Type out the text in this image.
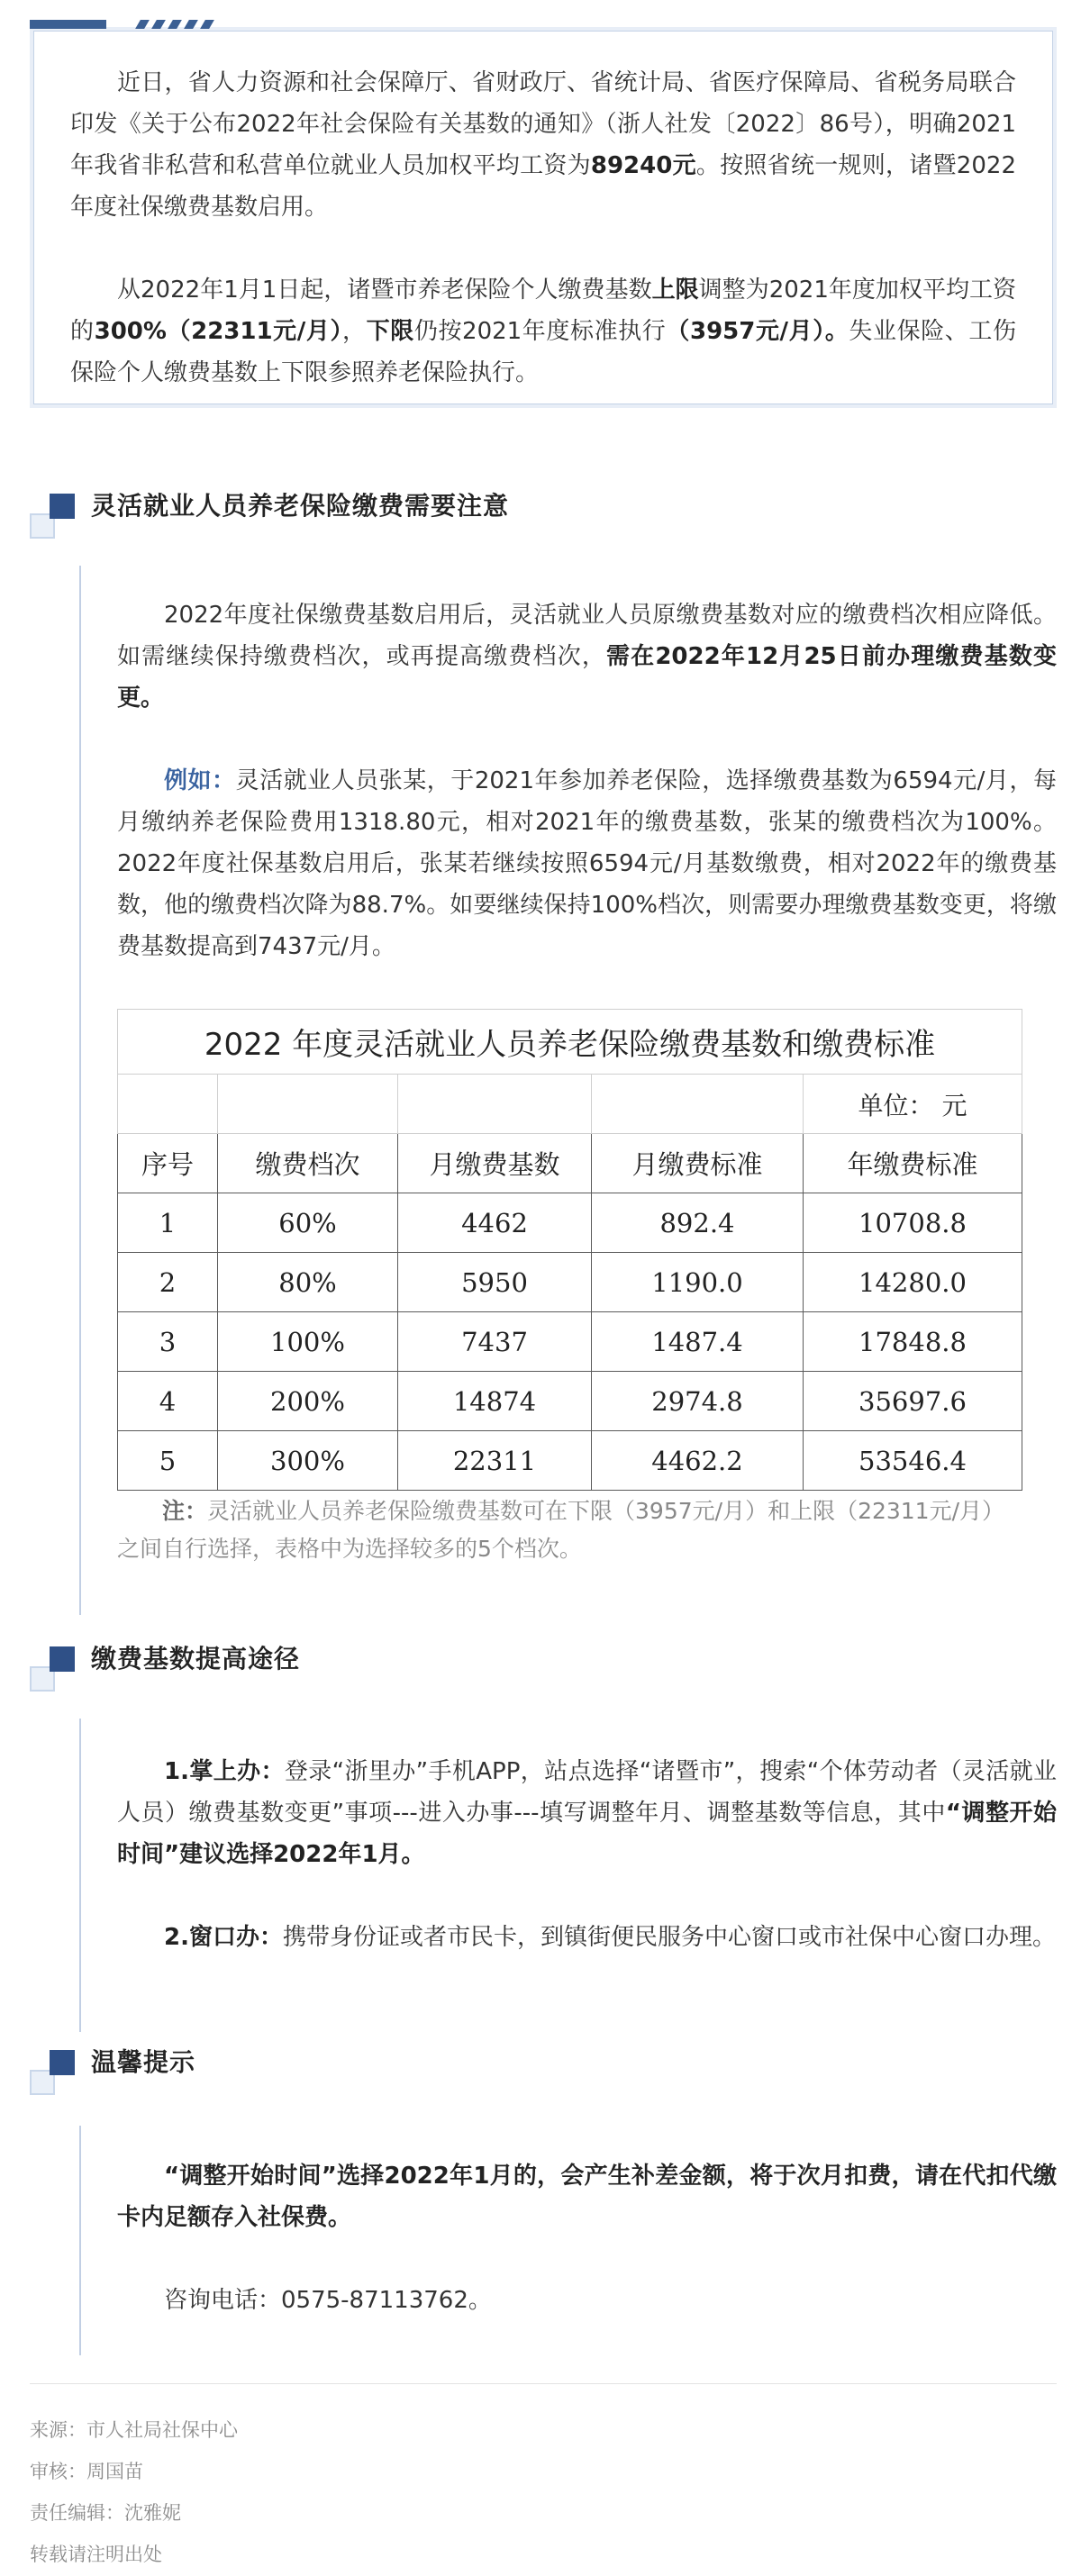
近日，省人力资源和社会保障厅、省财政厅、省统计局、省医疗保障局、省税务局联合印发《关于公布2022年社会保险有关基数的通知》（浙人社发〔2022〕86号），明确2021年我省非私营和私营单位就业人员加权平均工资为89240元。按照省统一规则，诸暨2022年度社保缴费基数启用。

从2022年1月1日起，诸暨市养老保险个人缴费基数上限调整为2021年度加权平均工资的300%（22311元/月），下限仍按2021年度标准执行（3957元/月）。失业保险、工伤保险个人缴费基数上下限参照养老保险执行。

灵活就业人员养老保险缴费需要注意

2022年度社保缴费基数启用后，灵活就业人员原缴费基数对应的缴费档次相应降低。如需继续保持缴费档次，或再提高缴费档次，需在2022年12月25日前办理缴费基数变更。

例如：灵活就业人员张某，于2021年参加养老保险，选择缴费基数为6594元/月，每月缴纳养老保险费用1318.80元，相对2021年的缴费基数，张某的缴费档次为100%。2022年度社保基数启用后，张某若继续按照6594元/月基数缴费，相对2022年的缴费基数，他的缴费档次降为88.7%。如要继续保持100%档次，则需要办理缴费基数变更，将缴费基数提高到7437元/月。

2022 年度灵活就业人员养老保险缴费基数和缴费标准				
				单位： 元
序号	缴费档次	月缴费基数	月缴费标准	年缴费标准
1	60%	4462	892.4	10708.8
2	80%	5950	1190.0	14280.0
3	100%	7437	1487.4	17848.8
4	200%	14874	2974.8	35697.6
5	300%	22311	4462.2	53546.4

注：灵活就业人员养老保险缴费基数可在下限（3957元/月）和上限（22311元/月）之间自行选择，表格中为选择较多的5个档次。

缴费基数提高途径

1.掌上办：登录“浙里办”手机APP，站点选择“诸暨市”，搜索“个体劳动者（灵活就业人员）缴费基数变更”事项---进入办事---填写调整年月、调整基数等信息，其中“调整开始时间”建议选择2022年1月。

2.窗口办：携带身份证或者市民卡，到镇街便民服务中心窗口或市社保中心窗口办理。

温馨提示

“调整开始时间”选择2022年1月的，会产生补差金额，将于次月扣费，请在代扣代缴卡内足额存入社保费。

咨询电话：0575-87113762。

来源：市人社局社保中心
审核：周国苗
责任编辑：沈雅妮
转载请注明出处
